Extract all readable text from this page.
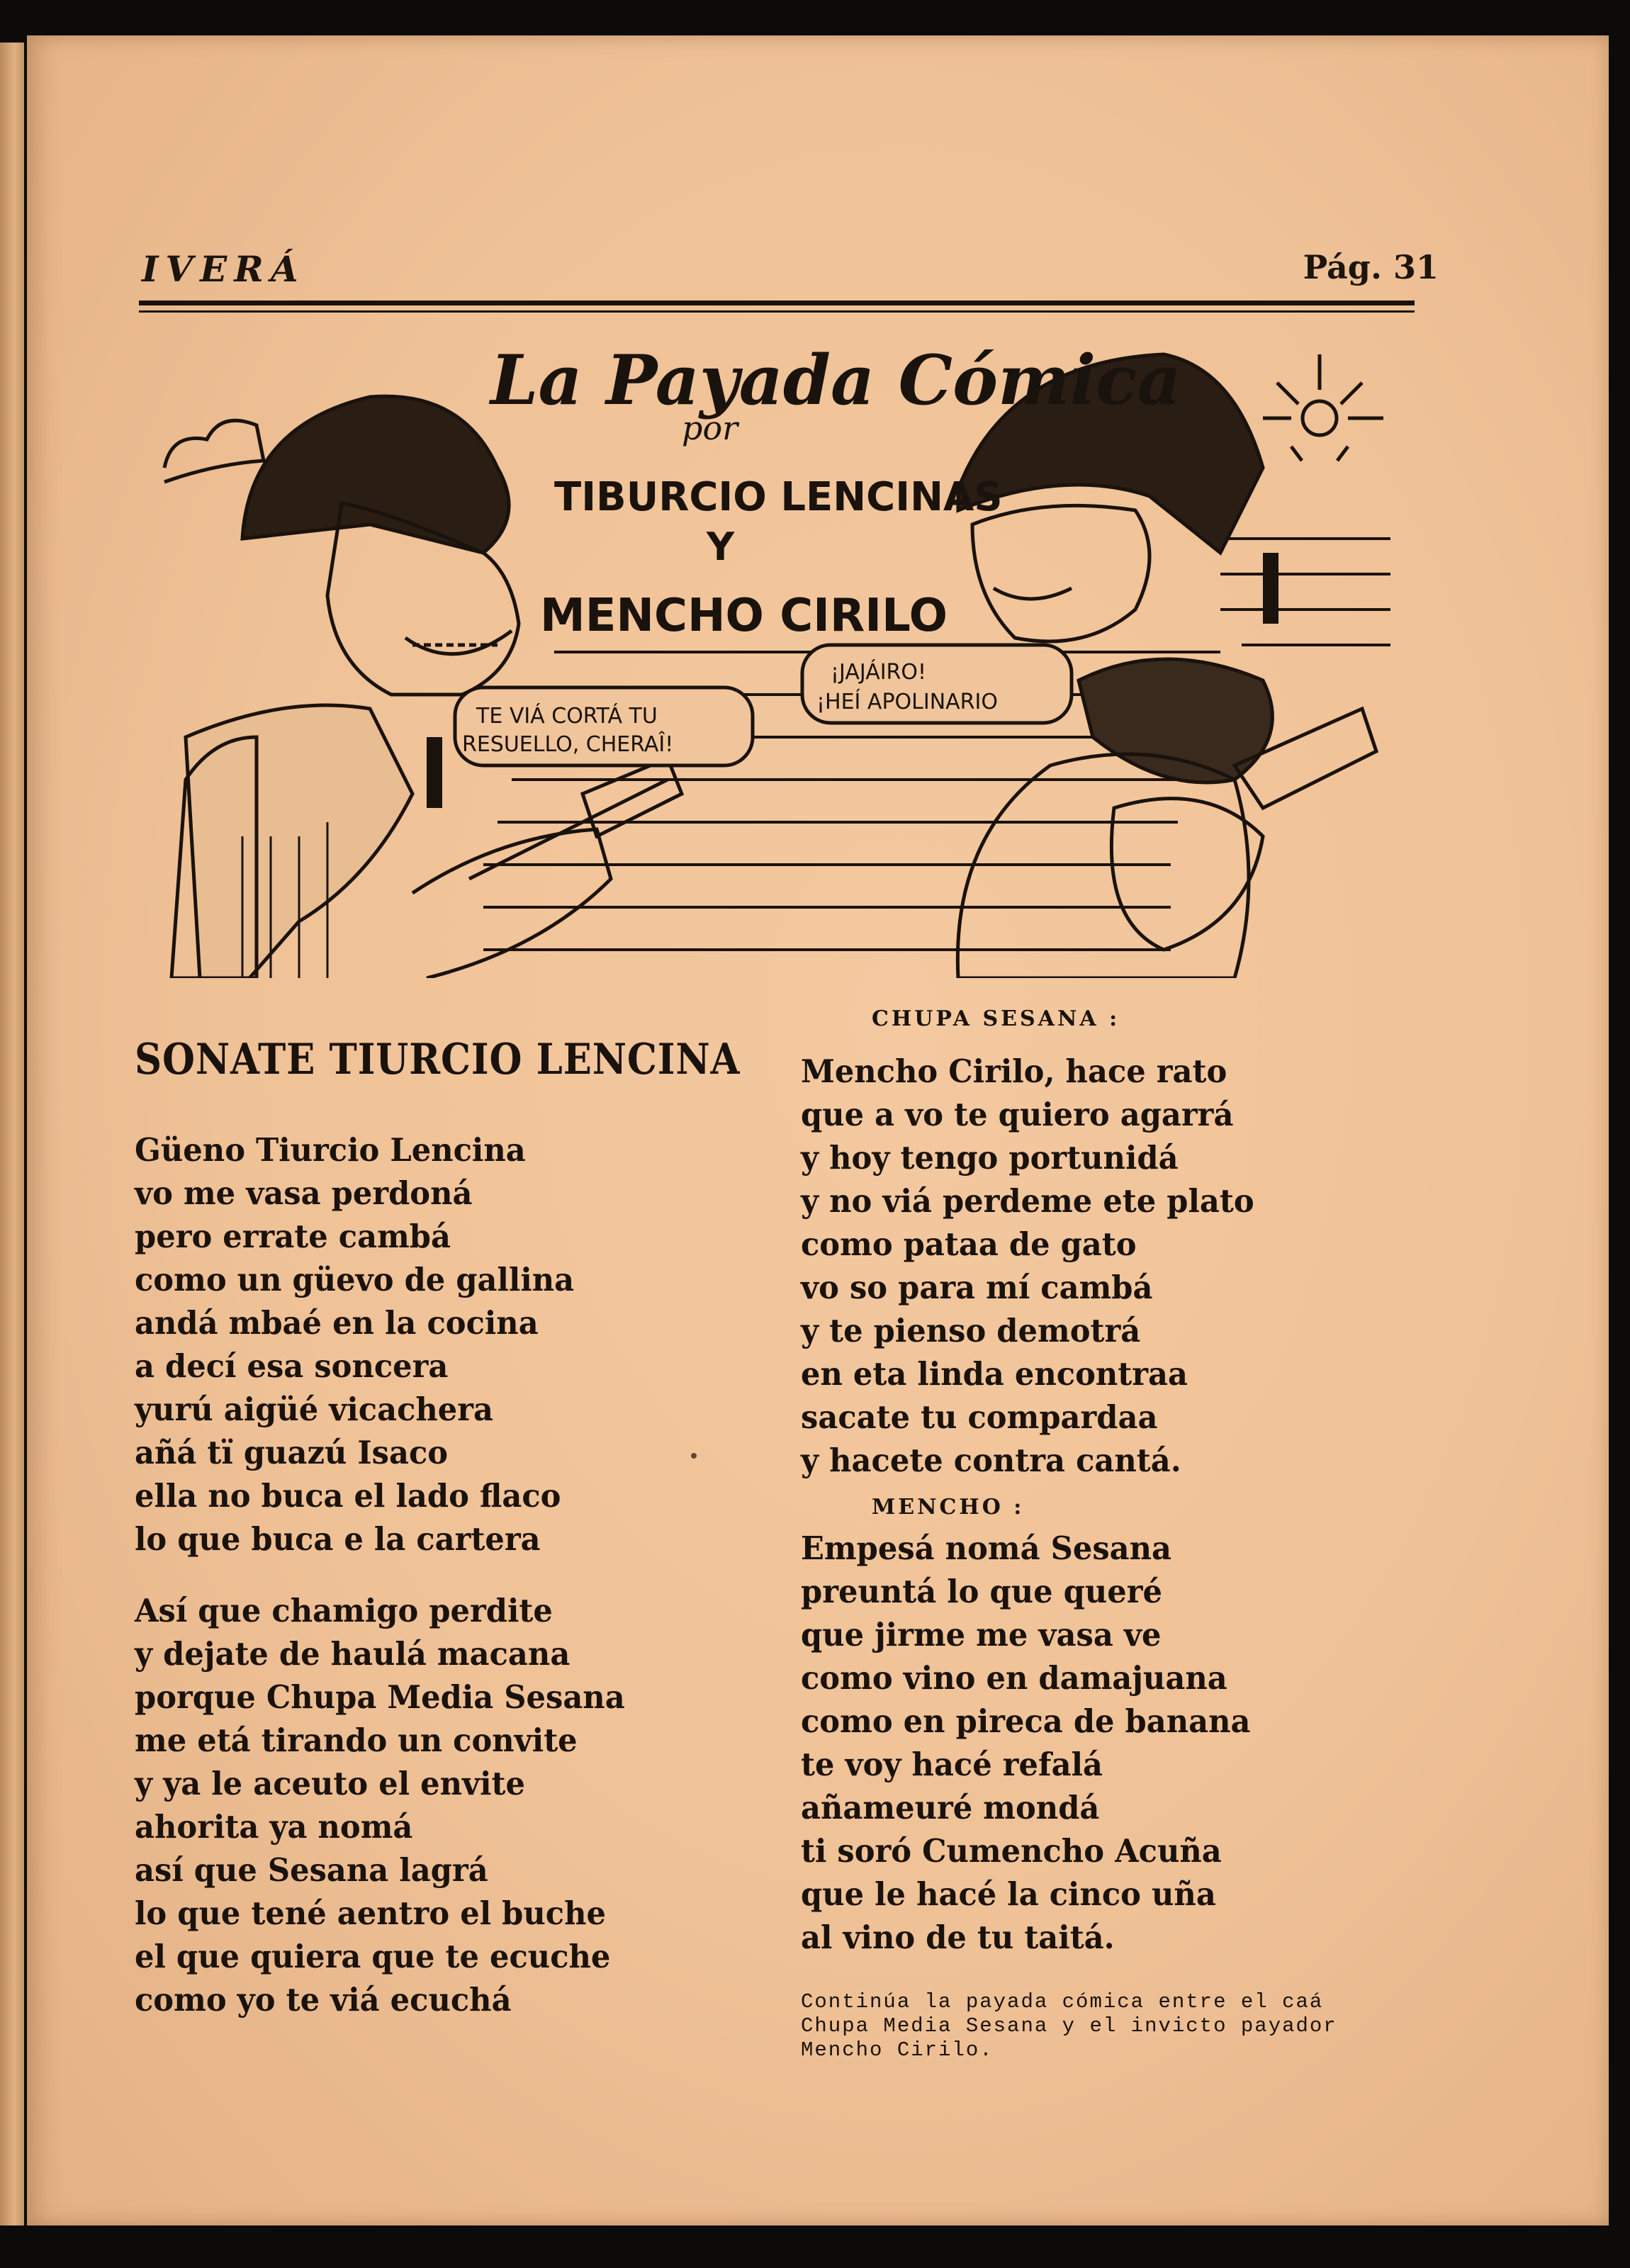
IVERÁ	Pág. 31
La Payada Cómica
por
TIBURCIO LENCINAS
Y
MENCHO CIRILO
TE VIÁ CORTÁ TU
RESUELLO, CHERAÎ!
¡JAJÁIRO!
¡HEÍ APOLINARIO
SONATE TIURCIO LENCINA
Güeno Tiurcio Lencina
vo me vasa perdoná
pero errate cambá
como un güevo de gallina
andá mbaé en la cocina
a decí esa soncera
yurú aigüé vicachera
añá tï guazú Isaco
ella no buca el lado flaco
lo que buca e la cartera
Así que chamigo perdite
y dejate de haulá macana
porque Chupa Media Sesana
me etá tirando un convite
y ya le aceuto el envite
ahorita ya nomá
así que Sesana lagrá
lo que tené aentro el buche
el que quiera que te ecuche
como yo te viá ecuchá
CHUPA SESANA :
Mencho Cirilo, hace rato
que a vo te quiero agarrá
y hoy tengo portunidá
y no viá perdeme ete plato
como pataa de gato
vo so para mí cambá
y te pienso demotrá
en eta linda encontraa
sacate tu compardaa
y hacete contra cantá.
MENCHO :
Empesá nomá Sesana
preuntá lo que queré
que jirme me vasa ve
como vino en damajuana
como en pireca de banana
te voy hacé refalá
añameuré mondá
ti soró Cumencho Acuña
que le hacé la cinco uña
al vino de tu taitá.
Continúa la payada cómica entre el caá
Chupa Media Sesana y el invicto payador
Mencho Cirilo.
